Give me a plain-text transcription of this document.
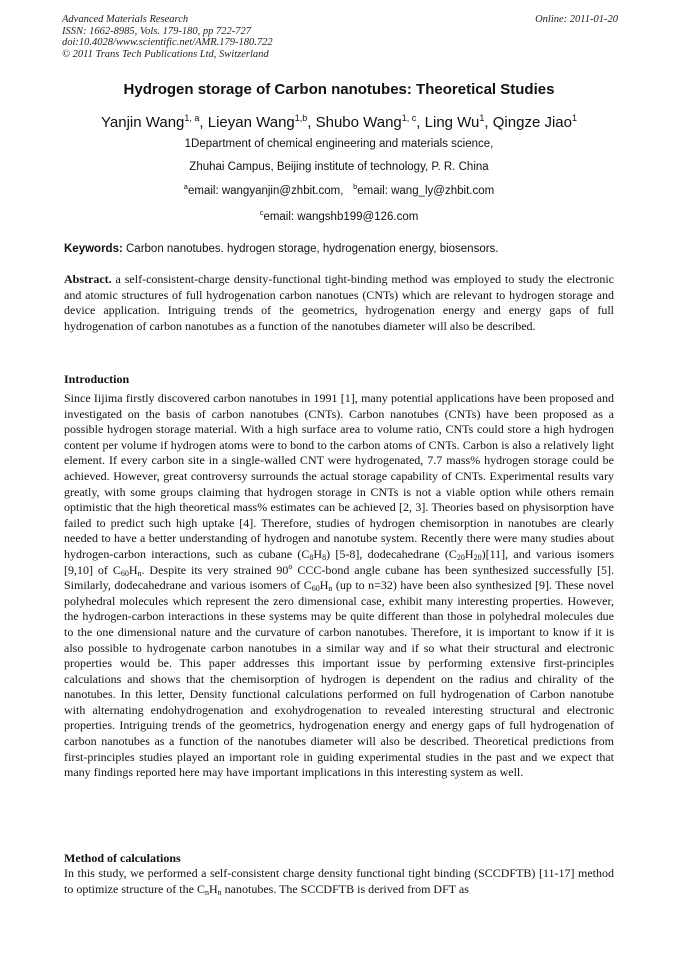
Advanced Materials Research
ISSN: 1662-8985, Vols. 179-180, pp 722-727
doi:10.4028/www.scientific.net/AMR.179-180.722
© 2011 Trans Tech Publications Ltd, Switzerland
Online: 2011-01-20
Hydrogen storage of Carbon nanotubes: Theoretical Studies
Yanjin Wang$^{1, a}$, Lieyan Wang$^{1,b}$, Shubo Wang$^{1, c}$, Ling Wu$^1$, Qingze Jiao$^1$
1Department of chemical engineering and materials science,
Zhuhai Campus, Beijing institute of technology, P. R. China
$^a$email: wangyanjin@zhbit.com, $^b$email: wang_ly@zhbit.com
$^c$email: wangshb199@126.com
Keywords: Carbon nanotubes. hydrogen storage, hydrogenation energy, biosensors.
Abstract. a self-consistent-charge density-functional tight-binding method was employed to study the electronic and atomic structures of full hydrogenation carbon nanotues (CNTs) which are relevant to hydrogen storage and device application. Intriguing trends of the geometrics, hydrogenation energy and energy gaps of full hydrogenation of carbon nanotubes as a function of the nanotubes diameter will also be described.
Introduction
Since Iijima firstly discovered carbon nanotubes in 1991 [1], many potential applications have been proposed and investigated on the basis of carbon nanotubes (CNTs). Carbon nanotubes (CNTs) have been proposed as a possible hydrogen storage material. With a high surface area to volume ratio, CNTs could store a high hydrogen content per volume if hydrogen atoms were to bond to the carbon atoms of CNTs. Carbon is also a relatively light element. If every carbon site in a single-walled CNT were hydrogenated, 7.7 mass% hydrogen storage could be achieved. However, great controversy surrounds the actual storage capability of CNTs. Experimental results vary greatly, with some groups claiming that hydrogen storage in CNTs is not a viable option while others remain optimistic that the high theoretical mass% estimates can be achieved [2, 3]. Theories based on physisorption have failed to predict such high uptake [4]. Therefore, studies of hydrogen chemisorption in nanotubes are clearly needed to have a better understanding of hydrogen and nanotube system. Recently there were many studies about hydrogen-carbon interactions, such as cubane $(C_8H_8)$ [5-8], dodecahedrane $(C_{20}H_{20})[11]$, and various isomers [9,10] of $C_{60}H_n$. Despite its very strained 90$^o$ CCC-bond angle cubane has been synthesized successfully [5]. Similarly, dodecahedrane and various isomers of $C_{60}H_n$ (up to n=32) have been also synthesized [9]. These novel polyhedral molecules which represent the zero dimensional case, exhibit many interesting properties. However, the hydrogen-carbon interactions in these systems may be quite different than those in polyhedral molecules due to the one dimensional nature and the curvature of carbon nanotubes. Therefore, it is important to know if it is also possible to hydrogenate carbon nanotubes in a similar way and if so what their structural and electronic properties would be. This paper addresses this important issue by performing extensive first-principles calculations and shows that the chemisorption of hydrogen is dependent on the radius and chirality of the nanotubes. In this letter, Density functional calculations performed on full hydrogenation of Carbon nanotube with alternating endohydrogenation and exohydrogenation to revealed interesting structural and electronic properties. Intriguing trends of the geometrics, hydrogenation energy and energy gaps of full hydrogenation of carbon nanotubes as a function of the nanotubes diameter will also be described. Theoretical predictions from first-principles studies played an important role in guiding experimental studies in the past and we expect that many findings reported here may have important implications in this interesting system as well.
Method of calculations
In this study, we performed a self-consistent charge density functional tight binding (SCCDFTB) [11-17] method to optimize structure of the $C_nH_n$ nanotubes. The SCCDFTB is derived from DFT as
